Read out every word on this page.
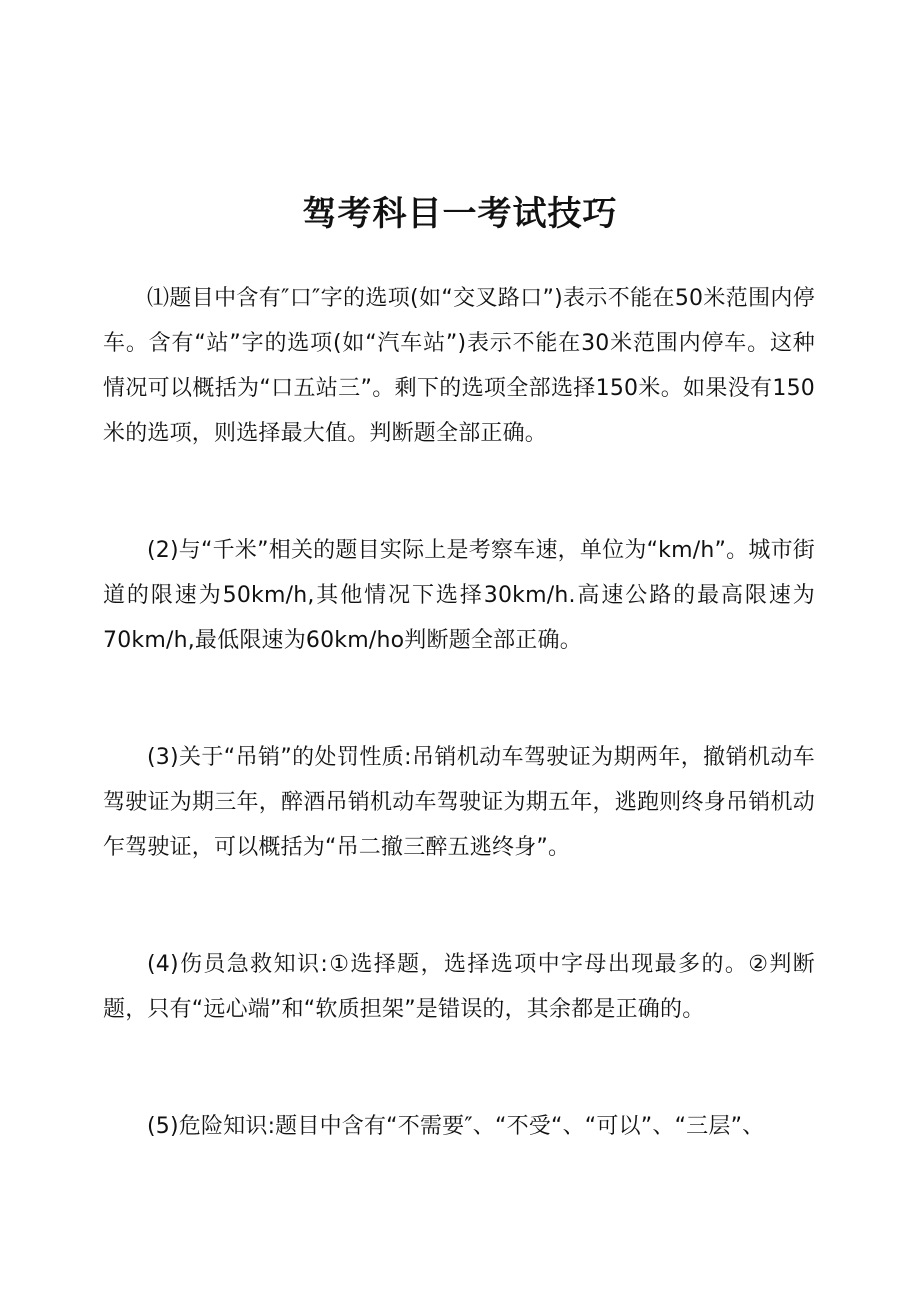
驾考科目一考试技巧

⑴题目中含有″口″字的选项(如“交叉路口”)表示不能在50米范围内停车。含有“站”字的选项(如“汽车站”)表示不能在30米范围内停车。这种情况可以概括为“口五站三”。剩下的选项全部选择150米。如果没有150米的选项，则选择最大值。判断题全部正确。

(2)与“千米”相关的题目实际上是考察车速，单位为“km/h”。城市街道的限速为50km/h,其他情况下选择30km/h.高速公路的最高限速为70km/h,最低限速为60km/ho判断题全部正确。

(3)关于“吊销”的处罚性质:吊销机动车驾驶证为期两年，撤销机动车驾驶证为期三年，醉酒吊销机动车驾驶证为期五年，逃跑则终身吊销机动乍驾驶证，可以概括为“吊二撤三醉五逃终身”。

(4)伤员急救知识:①选择题，选择选项中字母出现最多的。②判断题，只有“远心端”和“软质担架”是错误的，其余都是正确的。

(5)危险知识:题目中含有“不需要″、“不受“、“可以”、“三层”、
